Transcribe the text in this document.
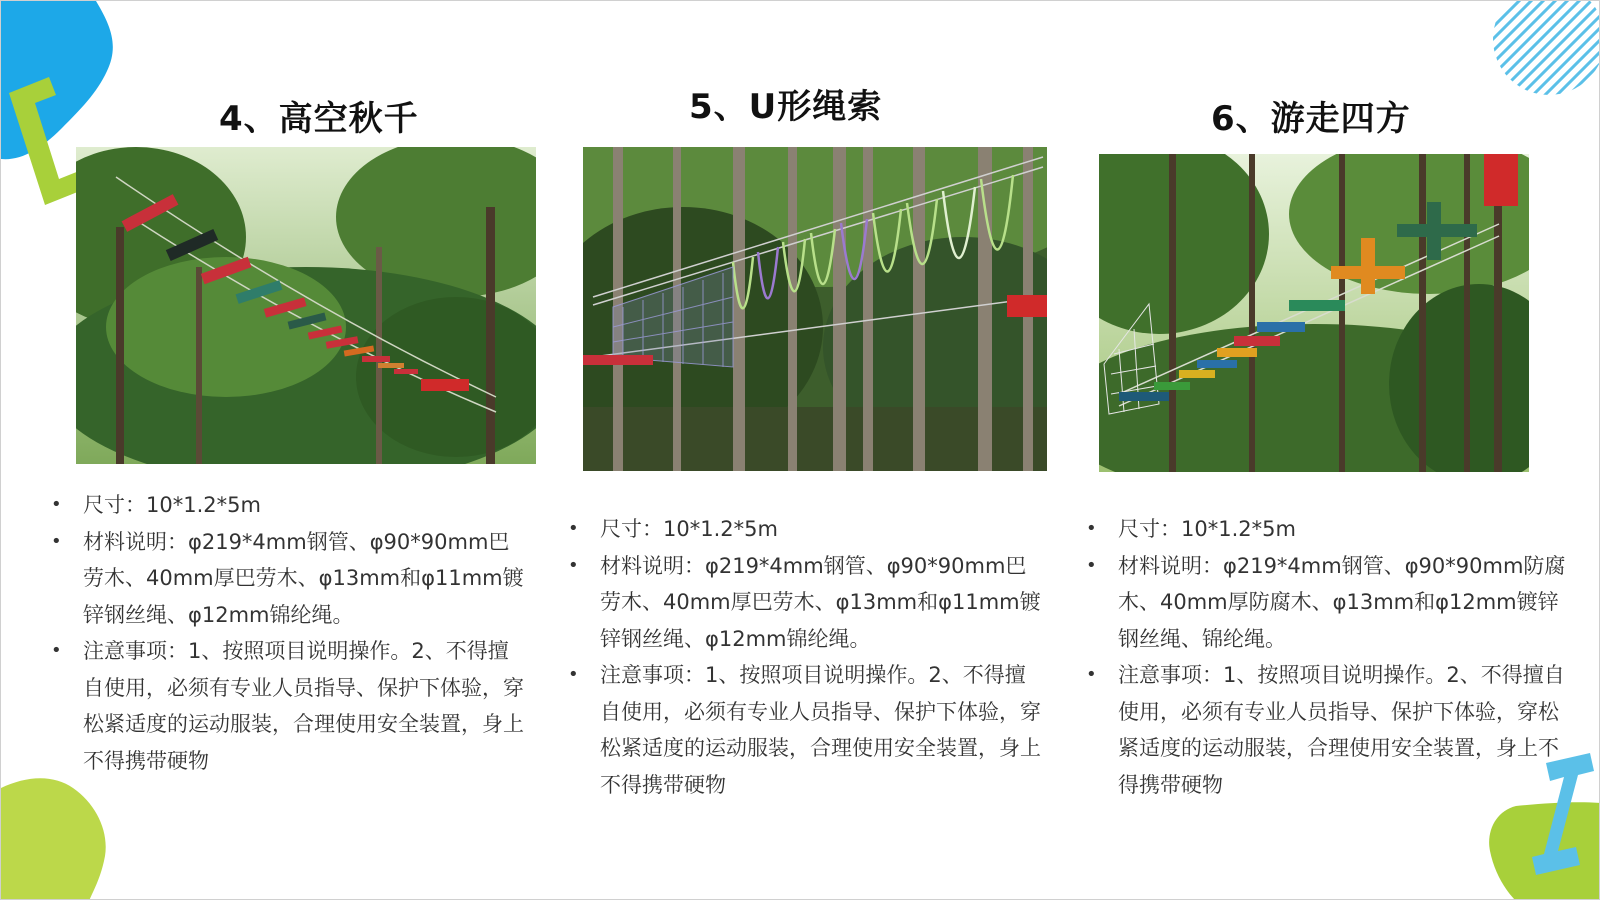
4、高空秋千	5、U形绳索	6、游走四方
• 尺寸：10*1.2*5m
• 材料说明：φ219*4mm钢管、φ90*90mm巴劳木、40mm厚巴劳木、φ13mm和φ11mm镀锌钢丝绳、φ12mm锦纶绳。
• 注意事项：1、按照项目说明操作。2、不得擅自使用，必须有专业人员指导、保护下体验，穿松紧适度的运动服装，合理使用安全装置，身上不得携带硬物
• 尺寸：10*1.2*5m
• 材料说明：φ219*4mm钢管、φ90*90mm巴劳木、40mm厚巴劳木、φ13mm和φ11mm镀锌钢丝绳、φ12mm锦纶绳。
• 注意事项：1、按照项目说明操作。2、不得擅自使用，必须有专业人员指导、保护下体验，穿松紧适度的运动服装，合理使用安全装置，身上不得携带硬物
• 尺寸：10*1.2*5m
• 材料说明：φ219*4mm钢管、φ90*90mm防腐木、40mm厚防腐木、φ13mm和φ12mm镀锌钢丝绳、锦纶绳。
• 注意事项：1、按照项目说明操作。2、不得擅自使用，必须有专业人员指导、保护下体验，穿松紧适度的运动服装，合理使用安全装置，身上不得携带硬物
